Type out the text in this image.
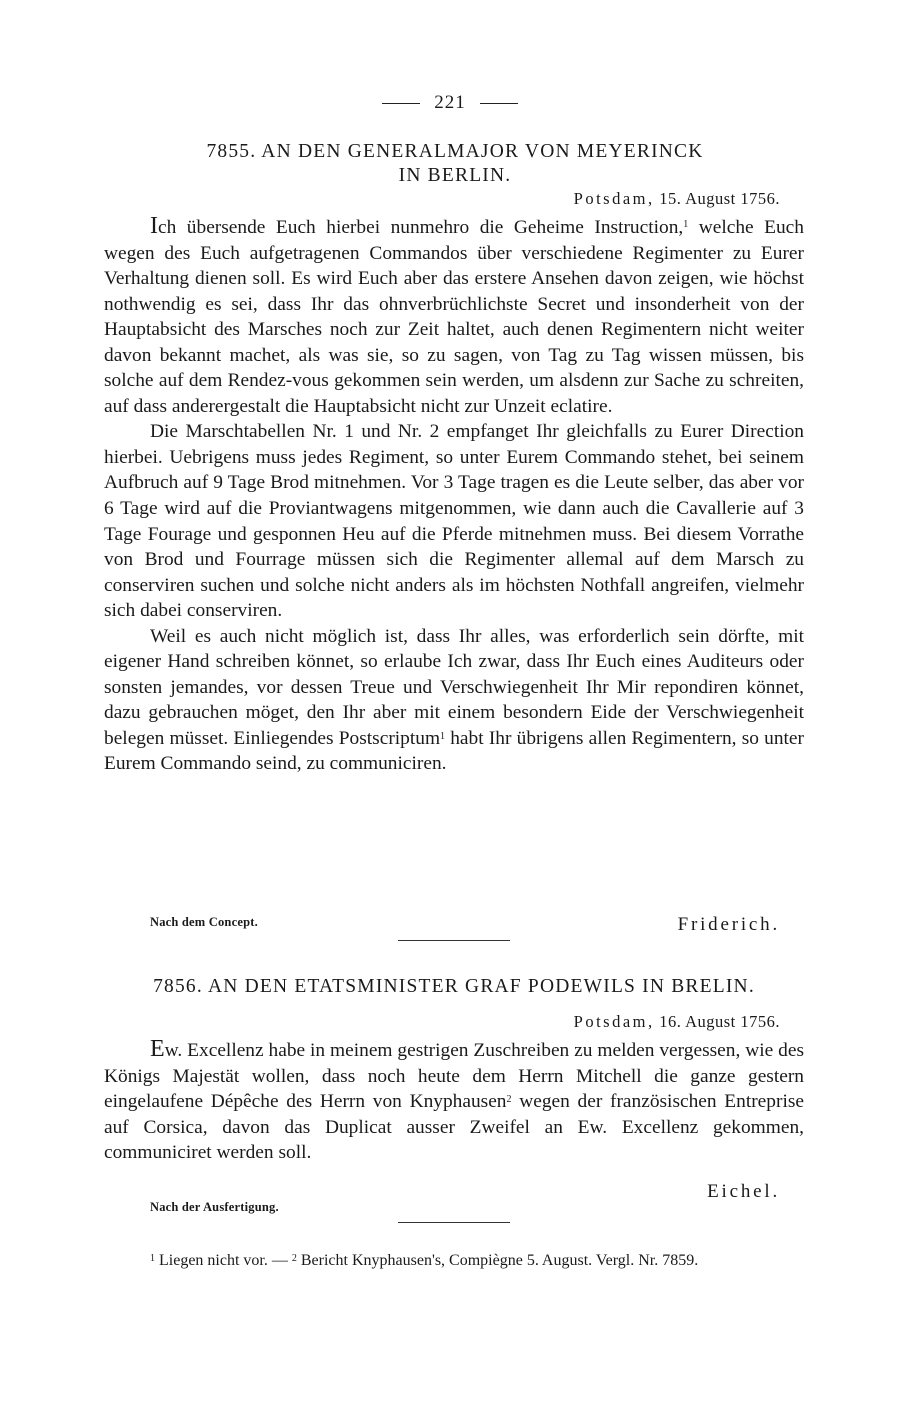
221
7855. AN DEN GENERALMAJOR VON MEYERINCK
IN BERLIN.
Potsdam, 15. August 1756.

Ich übersende Euch hierbei nunmehro die Geheime Instruction,$^1$ welche Euch wegen des Euch aufgetragenen Commandos über verschiedene Regimenter zu Eurer Verhaltung dienen soll. Es wird Euch aber das erstere Ansehen davon zeigen, wie höchst nothwendig es sei, dass Ihr das ohnverbrüchlichste Secret und insonderheit von der Hauptabsicht des Marsches noch zur Zeit haltet, auch denen Regimentern nicht weiter davon bekannt machet, als was sie, so zu sagen, von Tag zu Tag wissen müssen, bis solche auf dem Rendez-vous gekommen sein werden, um alsdenn zur Sache zu schreiten, auf dass anderergestalt die Hauptabsicht nicht zur Unzeit eclatire.

Die Marschtabellen Nr. 1 und Nr. 2 empfanget Ihr gleichfalls zu Eurer Direction hierbei. Uebrigens muss jedes Regiment, so unter Eurem Commando stehet, bei seinem Aufbruch auf 9 Tage Brod mitnehmen. Vor 3 Tage tragen es die Leute selber, das aber vor 6 Tage wird auf die Proviantwagens mitgenommen, wie dann auch die Cavallerie auf 3 Tage Fourage und gesponnen Heu auf die Pferde mitnehmen muss. Bei diesem Vorrathe von Brod und Fourrage müssen sich die Regimenter allemal auf dem Marsch zu conserviren suchen und solche nicht anders als im höchsten Nothfall angreifen, vielmehr sich dabei conserviren.

Weil es auch nicht möglich ist, dass Ihr alles, was erforderlich sein dörfte, mit eigener Hand schreiben könnet, so erlaube Ich zwar, dass Ihr Euch eines Auditeurs oder sonsten jemandes, vor dessen Treue und Verschwiegenheit Ihr Mir repondiren könnet, dazu gebrauchen möget, den Ihr aber mit einem besondern Eide der Verschwiegenheit belegen müsset. Einliegendes Postscriptum$^1$ habt Ihr übrigens allen Regimentern, so unter Eurem Commando seind, zu communiciren.

Nach dem Concept.	Friderich.
7856. AN DEN ETATSMINISTER GRAF PODEWILS IN BRELIN.
Potsdam, 16. August 1756.

Ew. Excellenz habe in meinem gestrigen Zuschreiben zu melden vergessen, wie des Königs Majestät wollen, dass noch heute dem Herrn Mitchell die ganze gestern eingelaufene Dépêche des Herrn von Knyphausen$^2$ wegen der französischen Entreprise auf Corsica, davon das Duplicat ausser Zweifel an Ew. Excellenz gekommen, communiciret werden soll.

Eichel.
Nach der Ausfertigung.
$^1$ Liegen nicht vor. — $^2$ Bericht Knyphausen's, Compiègne 5. August. Vergl. Nr. 7859.
